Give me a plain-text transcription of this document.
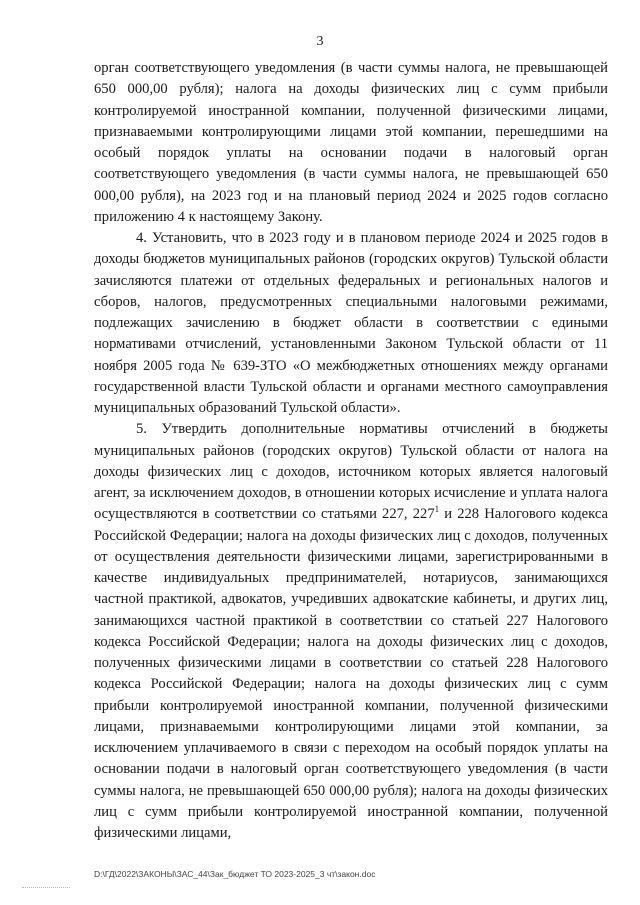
3

орган соответствующего уведомления (в части суммы налога, не превышающей 650 000,00 рубля); налога на доходы физических лиц с сумм прибыли контролируемой иностранной компании, полученной физическими лицами, признаваемыми контролирующими лицами этой компании, перешедшими на особый порядок уплаты на основании подачи в налоговый орган соответствующего уведомления (в части суммы налога, не превышающей 650 000,00 рубля), на 2023 год и на плановый период 2024 и 2025 годов согласно приложению 4 к настоящему Закону.

4. Установить, что в 2023 году и в плановом периоде 2024 и 2025 годов в доходы бюджетов муниципальных районов (городских округов) Тульской области зачисляются платежи от отдельных федеральных и региональных налогов и сборов, налогов, предусмотренных специальными налоговыми режимами, подлежащих зачислению в бюджет области в соответствии с едиными нормативами отчислений, установленными Законом Тульской области от 11 ноября 2005 года № 639-ЗТО «О межбюджетных отношениях между органами государственной власти Тульской области и органами местного самоуправления муниципальных образований Тульской области».

5. Утвердить дополнительные нормативы отчислений в бюджеты муниципальных районов (городских округов) Тульской области от налога на доходы физических лиц с доходов, источником которых является налоговый агент, за исключением доходов, в отношении которых исчисление и уплата налога осуществляются в соответствии со статьями 227, $227^1$ и 228 Налогового кодекса Российской Федерации; налога на доходы физических лиц с доходов, полученных от осуществления деятельности физическими лицами, зарегистрированными в качестве индивидуальных предпринимателей, нотариусов, занимающихся частной практикой, адвокатов, учредивших адвокатские кабинеты, и других лиц, занимающихся частной практикой в соответствии со статьей 227 Налогового кодекса Российской Федерации; налога на доходы физических лиц с доходов, полученных физическими лицами в соответствии со статьей 228 Налогового кодекса Российской Федерации; налога на доходы физических лиц с сумм прибыли контролируемой иностранной компании, полученной физическими лицами, признаваемыми контролирующими лицами этой компании, за исключением уплачиваемого в связи с переходом на особый порядок уплаты на основании подачи в налоговый орган соответствующего уведомления (в части суммы налога, не превышающей 650 000,00 рубля); налога на доходы физических лиц с сумм прибыли контролируемой иностранной компании, полученной физическими лицами,

D:\ГД\2022\ЗАКОНЫ\ЗАС_44\Зак_бюджет ТО 2023-2025_3 чт\закон.doc
